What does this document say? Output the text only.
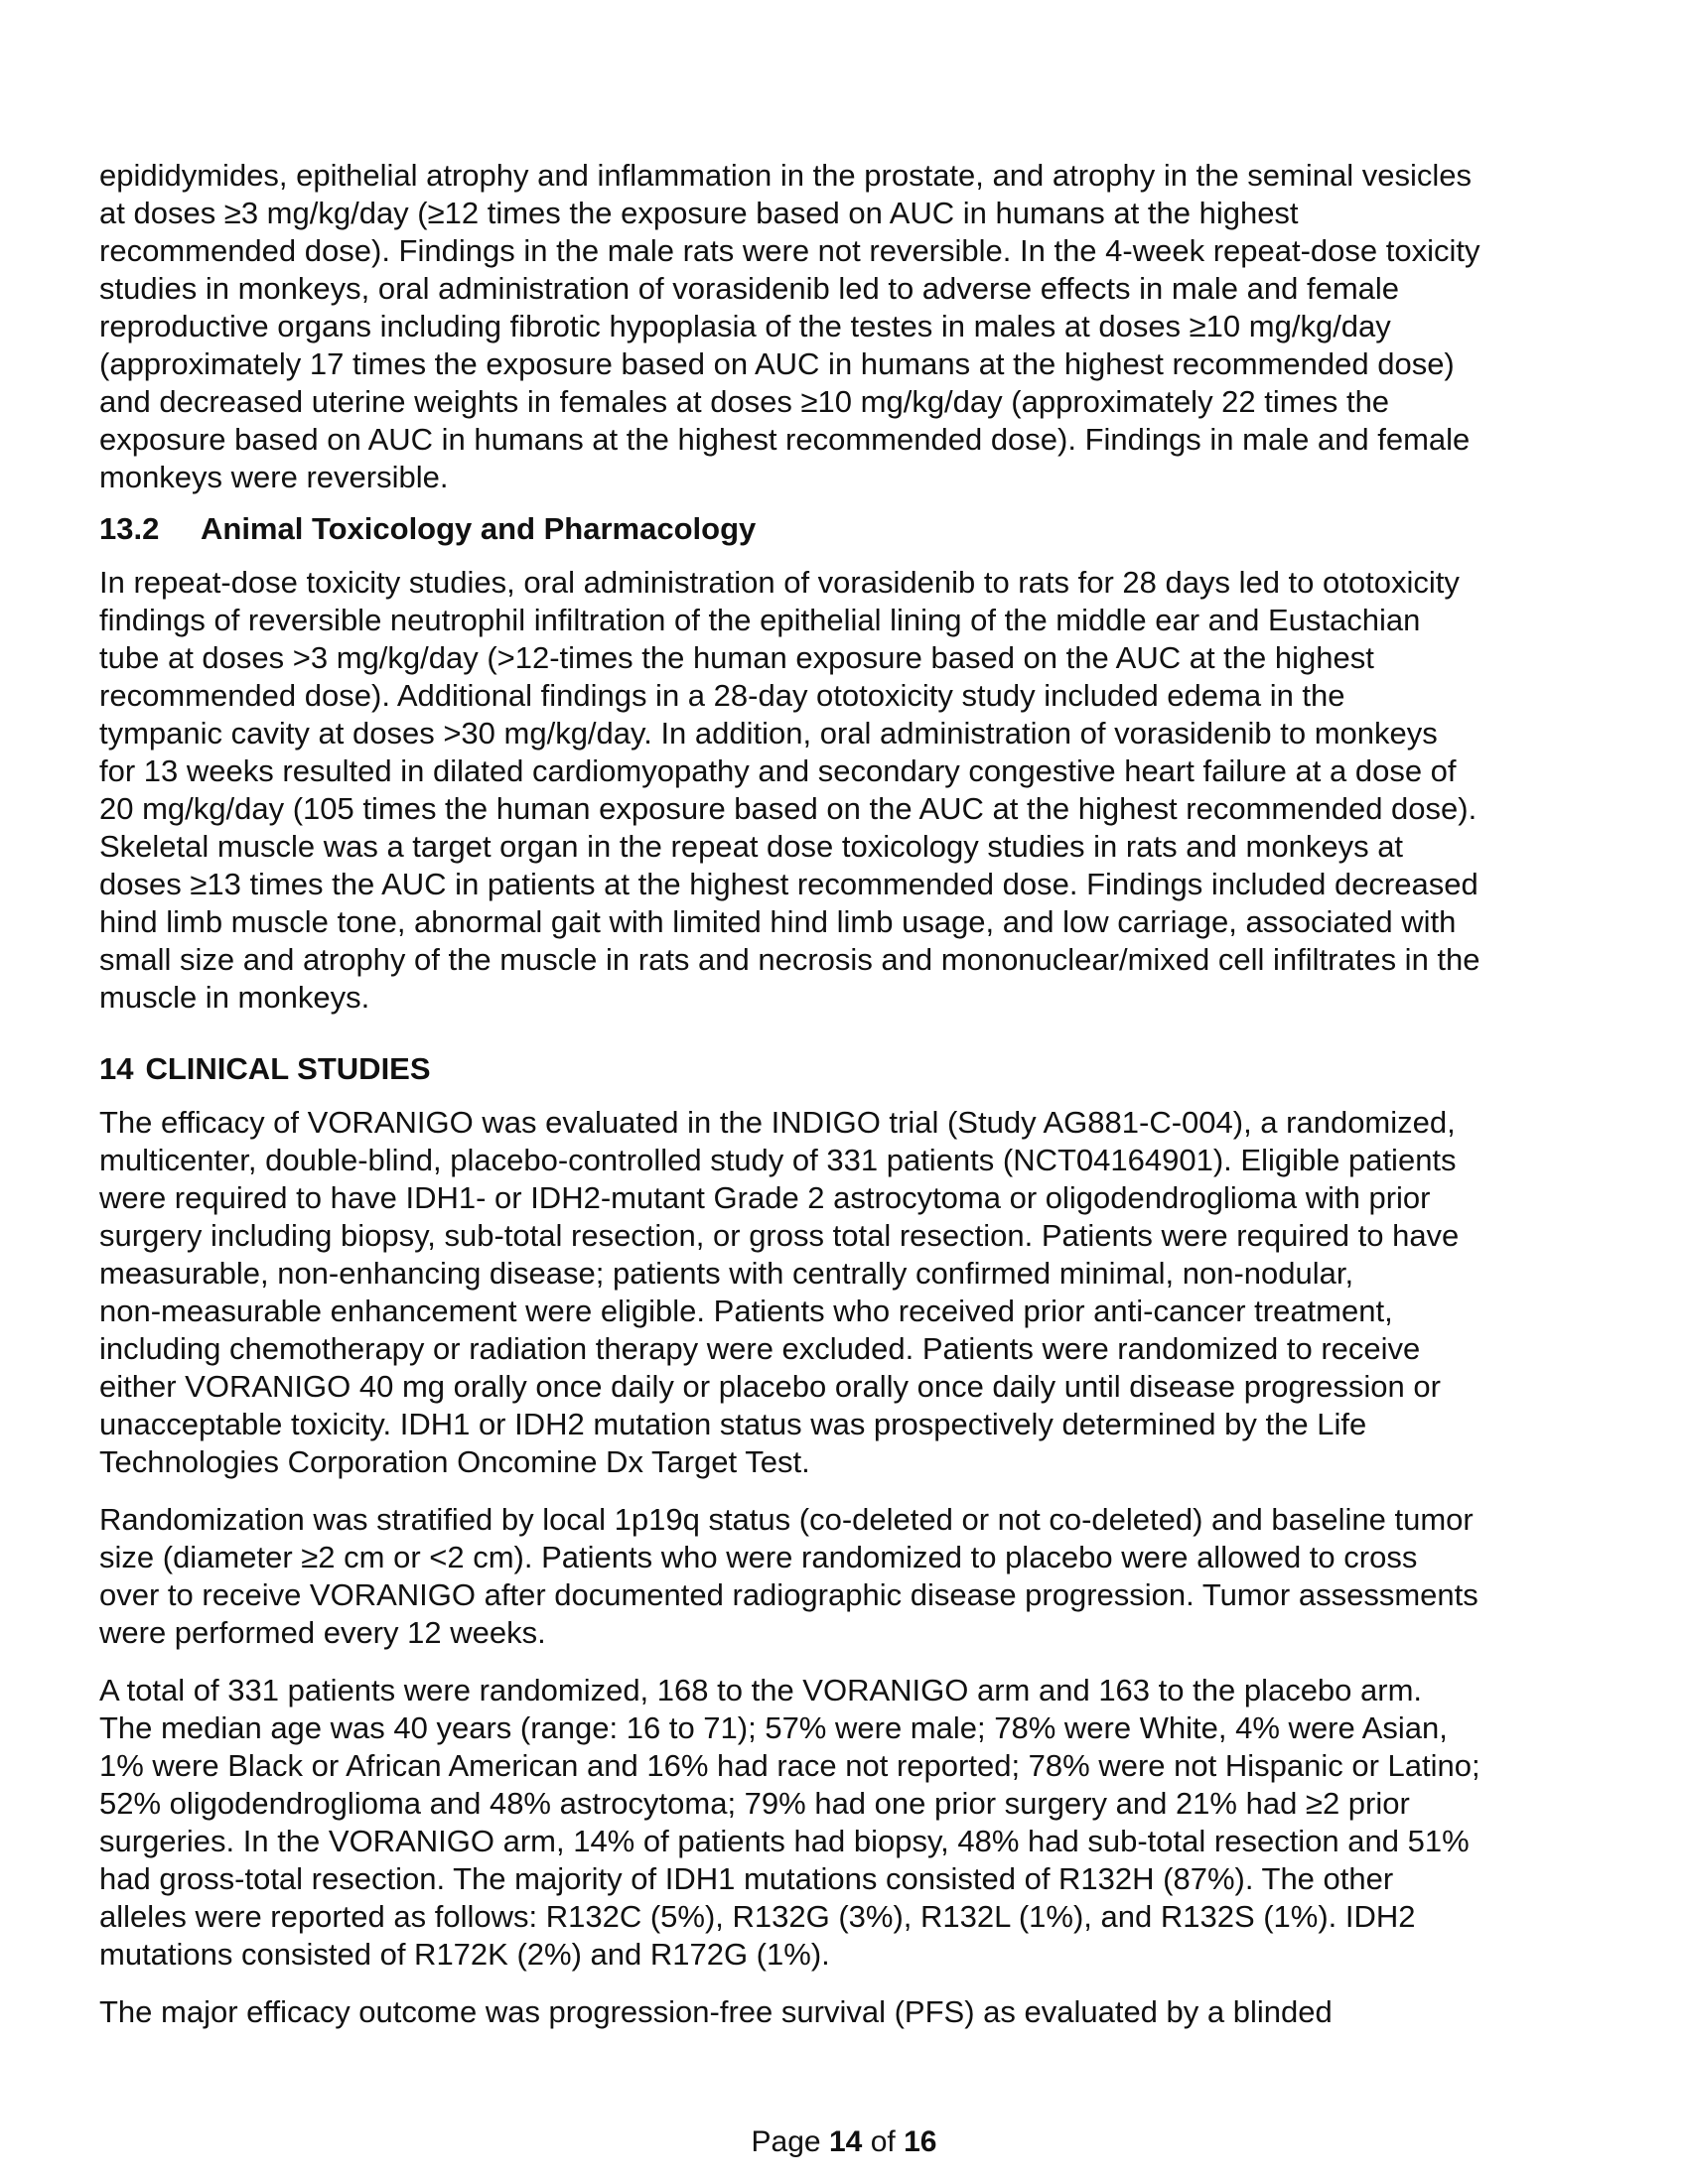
epididymides, epithelial atrophy and inflammation in the prostate, and atrophy in the seminal vesicles
at doses ≥3 mg/kg/day (≥12 times the exposure based on AUC in humans at the highest
recommended dose). Findings in the male rats were not reversible. In the 4-week repeat-dose toxicity
studies in monkeys, oral administration of vorasidenib led to adverse effects in male and female
reproductive organs including fibrotic hypoplasia of the testes in males at doses ≥10 mg/kg/day
(approximately 17 times the exposure based on AUC in humans at the highest recommended dose)
and decreased uterine weights in females at doses ≥10 mg/kg/day (approximately 22 times the
exposure based on AUC in humans at the highest recommended dose). Findings in male and female
monkeys were reversible.
13.2 Animal Toxicology and Pharmacology
In repeat-dose toxicity studies, oral administration of vorasidenib to rats for 28 days led to ototoxicity
findings of reversible neutrophil infiltration of the epithelial lining of the middle ear and Eustachian
tube at doses >3 mg/kg/day (>12-times the human exposure based on the AUC at the highest
recommended dose). Additional findings in a 28-day ototoxicity study included edema in the
tympanic cavity at doses >30 mg/kg/day. In addition, oral administration of vorasidenib to monkeys
for 13 weeks resulted in dilated cardiomyopathy and secondary congestive heart failure at a dose of
20 mg/kg/day (105 times the human exposure based on the AUC at the highest recommended dose).
Skeletal muscle was a target organ in the repeat dose toxicology studies in rats and monkeys at
doses ≥13 times the AUC in patients at the highest recommended dose. Findings included decreased
hind limb muscle tone, abnormal gait with limited hind limb usage, and low carriage, associated with
small size and atrophy of the muscle in rats and necrosis and mononuclear/mixed cell infiltrates in the
muscle in monkeys.
14 CLINICAL STUDIES
The efficacy of VORANIGO was evaluated in the INDIGO trial (Study AG881-C-004), a randomized,
multicenter, double-blind, placebo-controlled study of 331 patients (NCT04164901). Eligible patients
were required to have IDH1- or IDH2-mutant Grade 2 astrocytoma or oligodendroglioma with prior
surgery including biopsy, sub-total resection, or gross total resection. Patients were required to have
measurable, non-enhancing disease; patients with centrally confirmed minimal, non-nodular,
non-measurable enhancement were eligible. Patients who received prior anti-cancer treatment,
including chemotherapy or radiation therapy were excluded. Patients were randomized to receive
either VORANIGO 40 mg orally once daily or placebo orally once daily until disease progression or
unacceptable toxicity. IDH1 or IDH2 mutation status was prospectively determined by the Life
Technologies Corporation Oncomine Dx Target Test.
Randomization was stratified by local 1p19q status (co-deleted or not co-deleted) and baseline tumor
size (diameter ≥2 cm or <2 cm). Patients who were randomized to placebo were allowed to cross
over to receive VORANIGO after documented radiographic disease progression. Tumor assessments
were performed every 12 weeks.
A total of 331 patients were randomized, 168 to the VORANIGO arm and 163 to the placebo arm.
The median age was 40 years (range: 16 to 71); 57% were male; 78% were White, 4% were Asian,
1% were Black or African American and 16% had race not reported; 78% were not Hispanic or Latino;
52% oligodendroglioma and 48% astrocytoma; 79% had one prior surgery and 21% had ≥2 prior
surgeries. In the VORANIGO arm, 14% of patients had biopsy, 48% had sub-total resection and 51%
had gross-total resection. The majority of IDH1 mutations consisted of R132H (87%). The other
alleles were reported as follows: R132C (5%), R132G (3%), R132L (1%), and R132S (1%). IDH2
mutations consisted of R172K (2%) and R172G (1%).
The major efficacy outcome was progression-free survival (PFS) as evaluated by a blinded
Page 14 of 16
